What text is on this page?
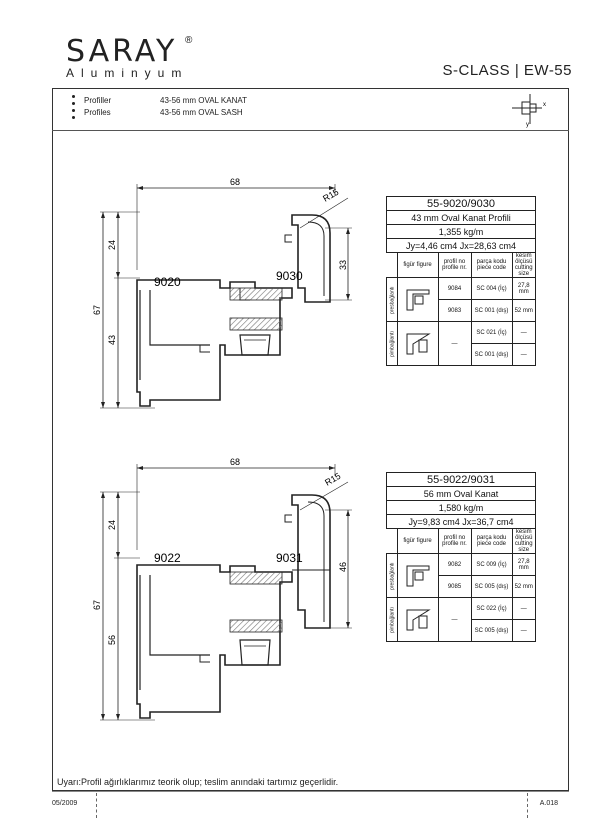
SARAY ®
Aluminyum	S-CLASS | EW-55
Profiller	43-56 mm OVAL KANAT
Profiles	43-56 mm OVAL SASH
x
y
68
R15
67
24
43
33
9020	9030
55-9020/9030				
43 mm Oval Kanat Profili				
1,355 kg/m				
Jy=4,46 cm4 Jx=28,63 cm4				
	figür figure	profil no profile nr.	parça kodu piece code	kesim ölçüsü cutting size
presbağlantı		9084	SC 004 (İç)	27,8 mm
		9083	SC 001 (dış)	52 mm
pimbağlantı		—	SC 021 (İç)	—
			SC 001 (dış)	—
68
R15
67
24
56
46
9022	9031
55-9022/9031				
56 mm Oval Kanat				
1,580 kg/m				
Jy=9,83 cm4 Jx=36,7 cm4				
	figür figure	profil no profile nr.	parça kodu piece code	kesim ölçüsü cutting size
presbağlantı		9082	SC 009 (İç)	27,8 mm
		9085	SC 005 (dış)	52 mm
pimbağlantı		—	SC 022 (İç)	—
			SC 005 (dış)	—
Uyarı:Profil ağırlıklarımız teorik olup; teslim anındaki tartımız geçerlidir.
05/2009	A.018
